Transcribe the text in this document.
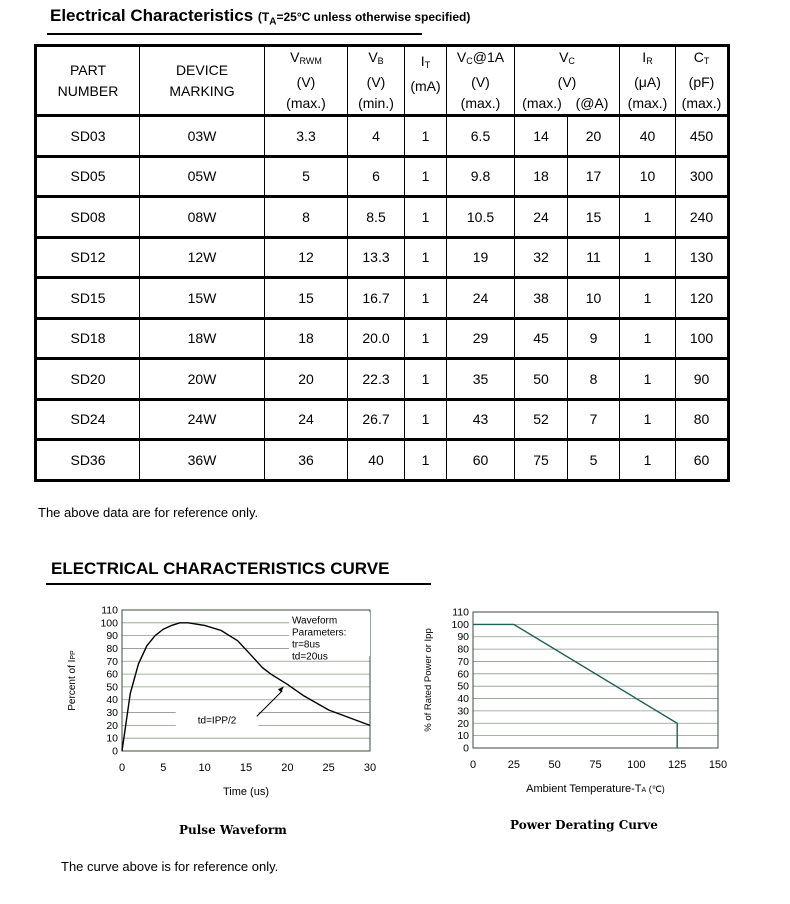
Electrical Characteristics ($T_A=25^\circ C$ unless otherwise specified)
PART
NUMBER	DEVICE
MARKING	$V_{RWM}$
(V)
(max.)	$V_B$
(V)
(min.)	$I_T$
(mA)	$V_C@1A$
(V)
(max.)	$V_C$
(V)
(max.) (@A)		$I_R$
(μA)
(max.)	$C_T$
(pF)
(max.)
SD03	03W	3.3	4	1	6.5	14	20	40	450
SD05	05W	5	6	1	9.8	18	17	10	300
SD08	08W	8	8.5	1	10.5	24	15	1	240
SD12	12W	12	13.3	1	19	32	11	1	130
SD15	15W	15	16.7	1	24	38	10	1	120
SD18	18W	18	20.0	1	29	45	9	1	100
SD20	20W	20	22.3	1	35	50	8	1	90
SD24	24W	24	26.7	1	43	52	7	1	80
SD36	36W	36	40	1	60	75	5	1	60
The above data are for reference only.
ELECTRICAL CHARACTERISTICS CURVE
0
10
20
30
40
50
60
70
80
90
100
110
0	5	10	15	20	25	30
Time (us)
Percent of IPP
Waveform
Parameters:
tr=8us
td=20us
td=IPP/2
0
10
20
30
40
50
60
70
80
90
100
110
0	25	50	75 100 125 150
Ambient Temperature-TA (℃)
% of Rated Power or Ipp
Pulse Waveform	Power Derating Curve
The curve above is for reference only.
